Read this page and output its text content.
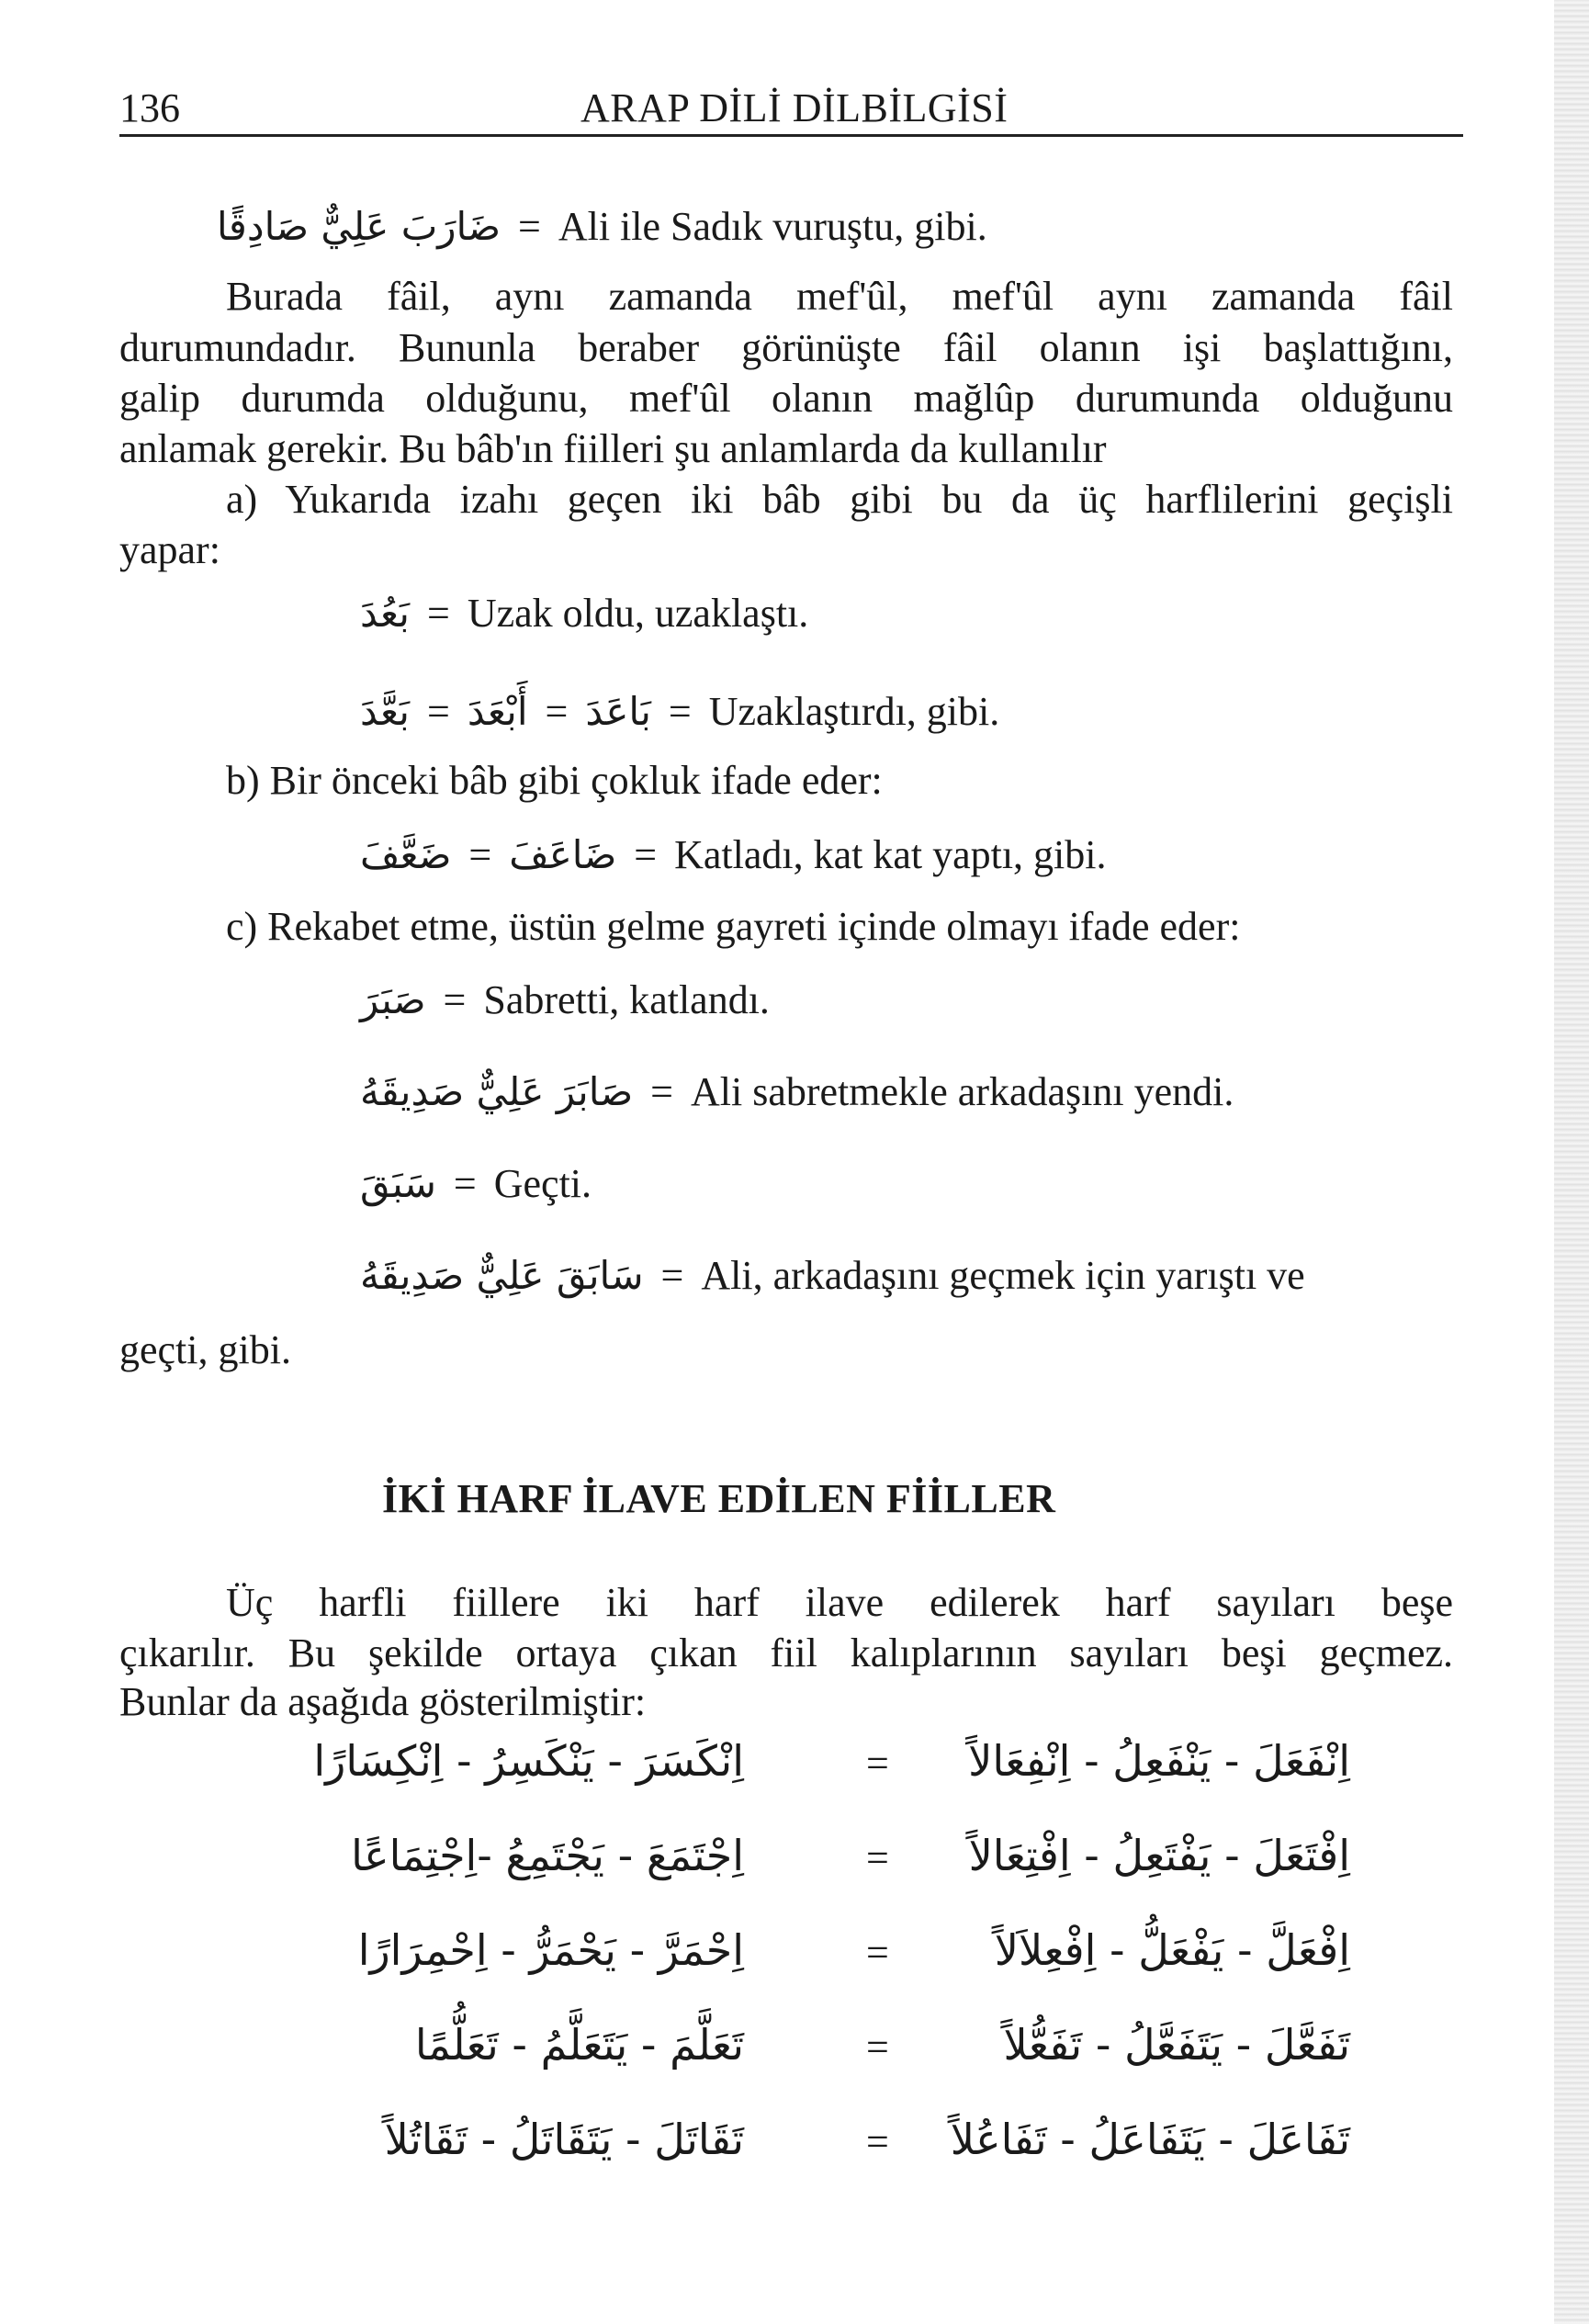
136	ARAP DİLİ DİLBİLGİSİ
ضَارَبَ عَلِيٌّ صَادِقًا = Ali ile Sadık vuruştu, gibi.
Burada fâil, aynı zamanda mef'ûl, mef'ûl aynı zamanda fâil
durumundadır. Bununla beraber görünüşte fâil olanın işi başlattığını,
galip durumda olduğunu, mef'ûl olanın mağlûp durumunda olduğunu
anlamak gerekir. Bu bâb'ın fiilleri şu anlamlarda da kullanılır
a) Yukarıda izahı geçen iki bâb gibi bu da üç harflilerini geçişli
yapar:
بَعُدَ = Uzak oldu, uzaklaştı.
بَعَّدَ = أَبْعَدَ = بَاعَدَ = Uzaklaştırdı, gibi.
b) Bir önceki bâb gibi çokluk ifade eder:
ضَعَّفَ = ضَاعَفَ = Katladı, kat kat yaptı, gibi.
c) Rekabet etme, üstün gelme gayreti içinde olmayı ifade eder:
صَبَرَ = Sabretti, katlandı.
صَابَرَ عَلِيٌّ صَدِيقَهُ = Ali sabretmekle arkadaşını yendi.
سَبَقَ = Geçti.
سَابَقَ عَلِيٌّ صَدِيقَهُ = Ali, arkadaşını geçmek için yarıştı ve
geçti, gibi.
İKİ HARF İLAVE EDİLEN FİİLLER
Üç harfli fiillere iki harf ilave edilerek harf sayıları beşe
çıkarılır. Bu şekilde ortaya çıkan fiil kalıplarının sayıları beşi geçmez.
Bunlar da aşağıda gösterilmiştir:
اِنْكَسَرَ - يَنْكَسِرُ - اِنْكِسَارًا	= اِنْفَعَلَ - يَنْفَعِلُ - اِنْفِعَالاً
اِجْتَمَعَ - يَجْتَمِعُ -اِجْتِمَاعًا	= اِفْتَعَلَ - يَفْتَعِلُ - اِفْتِعَالاً
اِحْمَرَّ - يَحْمَرُّ - اِحْمِرَارًا	= اِفْعَلَّ - يَفْعَلُّ - اِفْعِلاَلاً
تَعَلَّمَ - يَتَعَلَّمُ - تَعَلُّمًا	=	تَفَعَّلَ - يَتَفَعَّلُ - تَفَعُّلاً
تَقَاتَلَ - يَتَقَاتَلُ - تَقَاتُلاً	= تَفَاعَلَ - يَتَفَاعَلُ - تَفَاعُلاً
